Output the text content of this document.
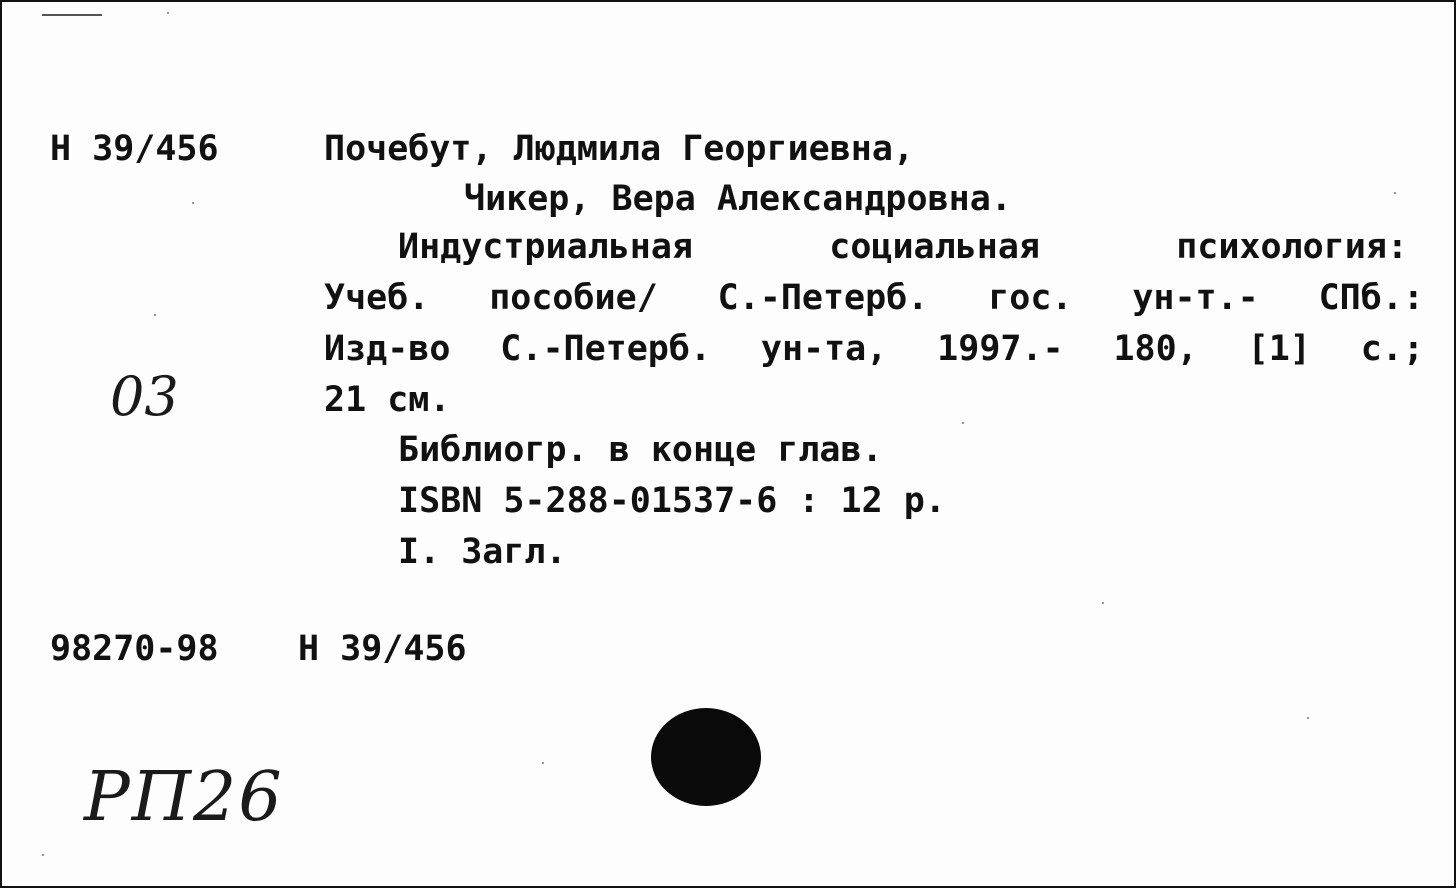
Н 39/456	Почебут, Людмила Георгиевна,
Чикер, Вера Александровна.
Индустриальная	социальная	психология:
Учеб. пособие/ С.-Петерб. гос. ун-т.- СПб.:
Изд-во С.-Петерб. ун-та, 1997.- 180, [1] с.;
21 см.
Библиогр. в конце глав.
ISBN 5-288-01537-6 : 12 р.
I. Загл.
98270-98 Н 39/456
03
РП26
